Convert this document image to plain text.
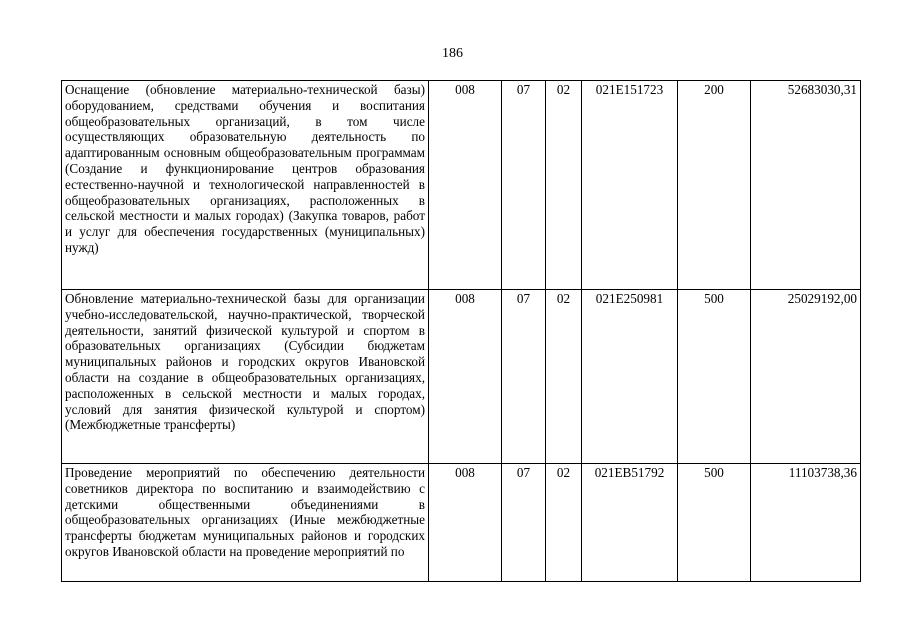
186
Оснащение (обновление материально-технической базы) оборудованием, средствами обучения и воспитания общеобразовательных организаций, в том числе осуществляющих образовательную деятельность по адаптированным основным общеобразовательным программам (Создание и функционирование центров образования естественно-научной и технологической направленностей в общеобразовательных организациях, расположенных в сельской местности и малых городах) (Закупка товаров, работ и услуг для обеспечения государственных (муниципальных) нужд)	008	07	02	021E151723	200	52683030,31
Обновление материально-технической базы для организации учебно-исследовательской, научно-практической, творческой деятельности, занятий физической культурой и спортом в образовательных организациях (Субсидии бюджетам муниципальных районов и городских округов Ивановской области на создание в общеобразовательных организациях, расположенных в сельской местности и малых городах, условий для занятия физической культурой и спортом) (Межбюджетные трансферты)	008	07	02	021E250981	500	25029192,00
Проведение мероприятий по обеспечению деятельности советников директора по воспитанию и взаимодействию с детскими общественными объединениями в общеобразовательных организациях (Иные межбюджетные трансферты бюджетам муниципальных районов и городских округов Ивановской области на проведение мероприятий по	008	07	02	021EВ51792	500	11103738,36
